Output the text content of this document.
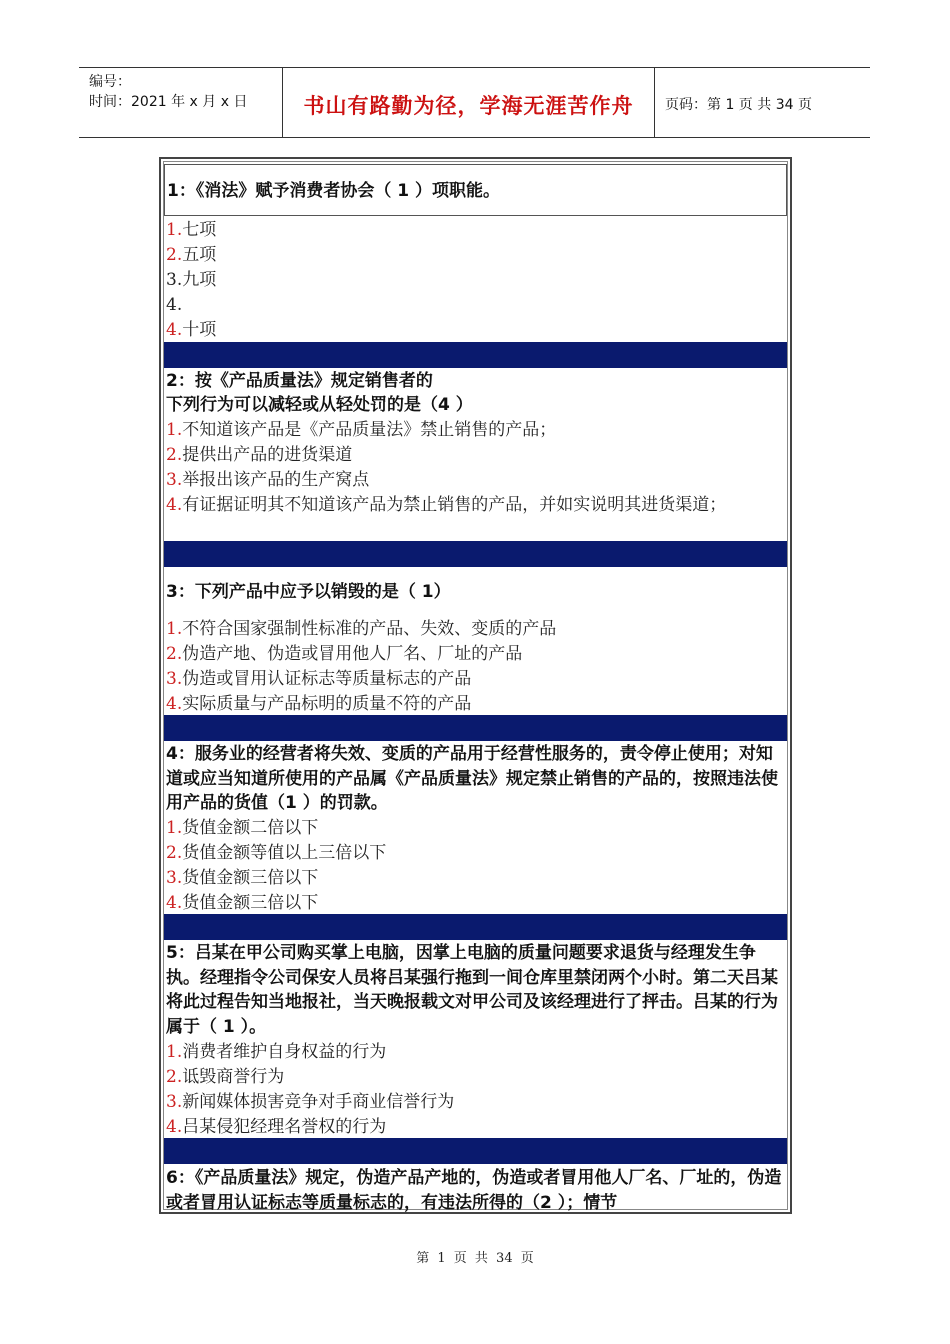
编号：
时间：2021 年 x 月 x 日	书山有路勤为径，学海无涯苦作舟	页码：第 1 页 共 34 页
1：《消法》赋予消费者协会（ 1 ）项职能。
1.七项
2.五项
3.九项
4.
4.十项
2：按《产品质量法》规定销售者的
下列行为可以减轻或从轻处罚的是（4 ）
1.不知道该产品是《产品质量法》禁止销售的产品；
2.提供出产品的进货渠道
3.举报出该产品的生产窝点
4.有证据证明其不知道该产品为禁止销售的产品，并如实说明其进货渠道；
3：下列产品中应予以销毁的是（ 1）
1.不符合国家强制性标准的产品、失效、变质的产品
2.伪造产地、伪造或冒用他人厂名、厂址的产品
3.伪造或冒用认证标志等质量标志的产品
4.实际质量与产品标明的质量不符的产品
4：服务业的经营者将失效、变质的产品用于经营性服务的，责令停止使用；对知道或应当知道所使用的产品属《产品质量法》规定禁止销售的产品的，按照违法使用产品的货值（1 ）的罚款。
1.货值金额二倍以下
2.货值金额等值以上三倍以下
3.货值金额三倍以下
4.货值金额三倍以下
5：吕某在甲公司购买掌上电脑，因掌上电脑的质量问题要求退货与经理发生争执。经理指令公司保安人员将吕某强行拖到一间仓库里禁闭两个小时。第二天吕某将此过程告知当地报社，当天晚报载文对甲公司及该经理进行了抨击。吕某的行为属于（ 1 ）。
1.消费者维护自身权益的行为
2.诋毁商誉行为
3.新闻媒体损害竞争对手商业信誉行为
4.吕某侵犯经理名誉权的行为
6：《产品质量法》规定，伪造产品产地的，伪造或者冒用他人厂名、厂址的，伪造或者冒用认证标志等质量标志的，有违法所得的（2 ）；情节
第 1 页 共 34 页
